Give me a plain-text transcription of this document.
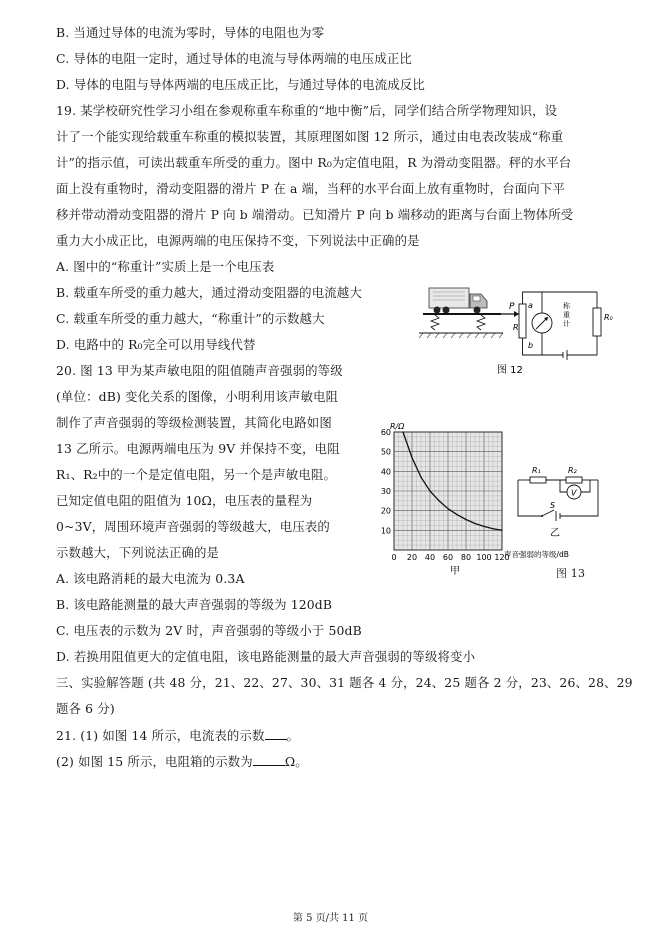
B. 当通过导体的电流为零时，导体的电阻也为零
C. 导体的电阻一定时，通过导体的电流与导体两端的电压成正比
D. 导体的电阻与导体两端的电压成正比，与通过导体的电流成反比
19. 某学校研究性学习小组在参观称重车称重的“地中衡”后，同学们结合所学物理知识，设
计了一个能实现给载重车称重的模拟装置，其原理图如图 12 所示，通过由电表改装成“称重
计”的指示值，可读出载重车所受的重力。图中 R₀为定值电阻，R 为滑动变阻器。秤的水平台
面上没有重物时，滑动变阻器的滑片 P 在 a 端，当秤的水平台面上放有重物时，台面向下平
移并带动滑动变阻器的滑片 P 向 b 端滑动。已知滑片 P 向 b 端移动的距离与台面上物体所受
重力大小成正比，电源两端的电压保持不变，下列说法中正确的是
A. 图中的“称重计”实质上是一个电压表
B. 载重车所受的重力越大，通过滑动变阻器的电流越大
C. 载重车所受的重力越大，“称重计”的示数越大
D. 电路中的 R₀完全可以用导线代替
P a
R
b
称重计
R₀
图 12
20. 图 13 甲为某声敏电阻的阻值随声音强弱的等级
(单位：dB) 变化关系的图像，小明利用该声敏电阻
制作了声音强弱的等级检测装置，其简化电路如图
13 乙所示。电源两端电压为 9V 并保持不变，电阻
R₁、R₂中的一个是定值电阻，另一个是声敏电阻。
已知定值电阻的阻值为 10Ω，电压表的量程为
0~3V，周围环境声音强弱的等级越大，电压表的
示数越大，下列说法正确的是	0 20 40 60 80 100 120
10
20
30
40
50
60
R/Ω
声音强弱的等级/dB
甲
V
R₁	R₂
S
乙
图 13
A. 该电路消耗的最大电流为 0.3A
B. 该电路能测量的最大声音强弱的等级为 120dB
C. 电压表的示数为 2V 时，声音强弱的等级小于 50dB
D. 若换用阻值更大的定值电阻，该电路能测量的最大声音强弱的等级将变小
三、实验解答题 (共 48 分，21、22、27、30、31 题各 4 分，24、25 题各 2 分，23、26、28、29
题各 6 分)
21. (1) 如图 14 所示，电流表的示数 。
(2) 如图 15 所示，电阻箱的示数为	Ω。
第 5 页/共 11 页
